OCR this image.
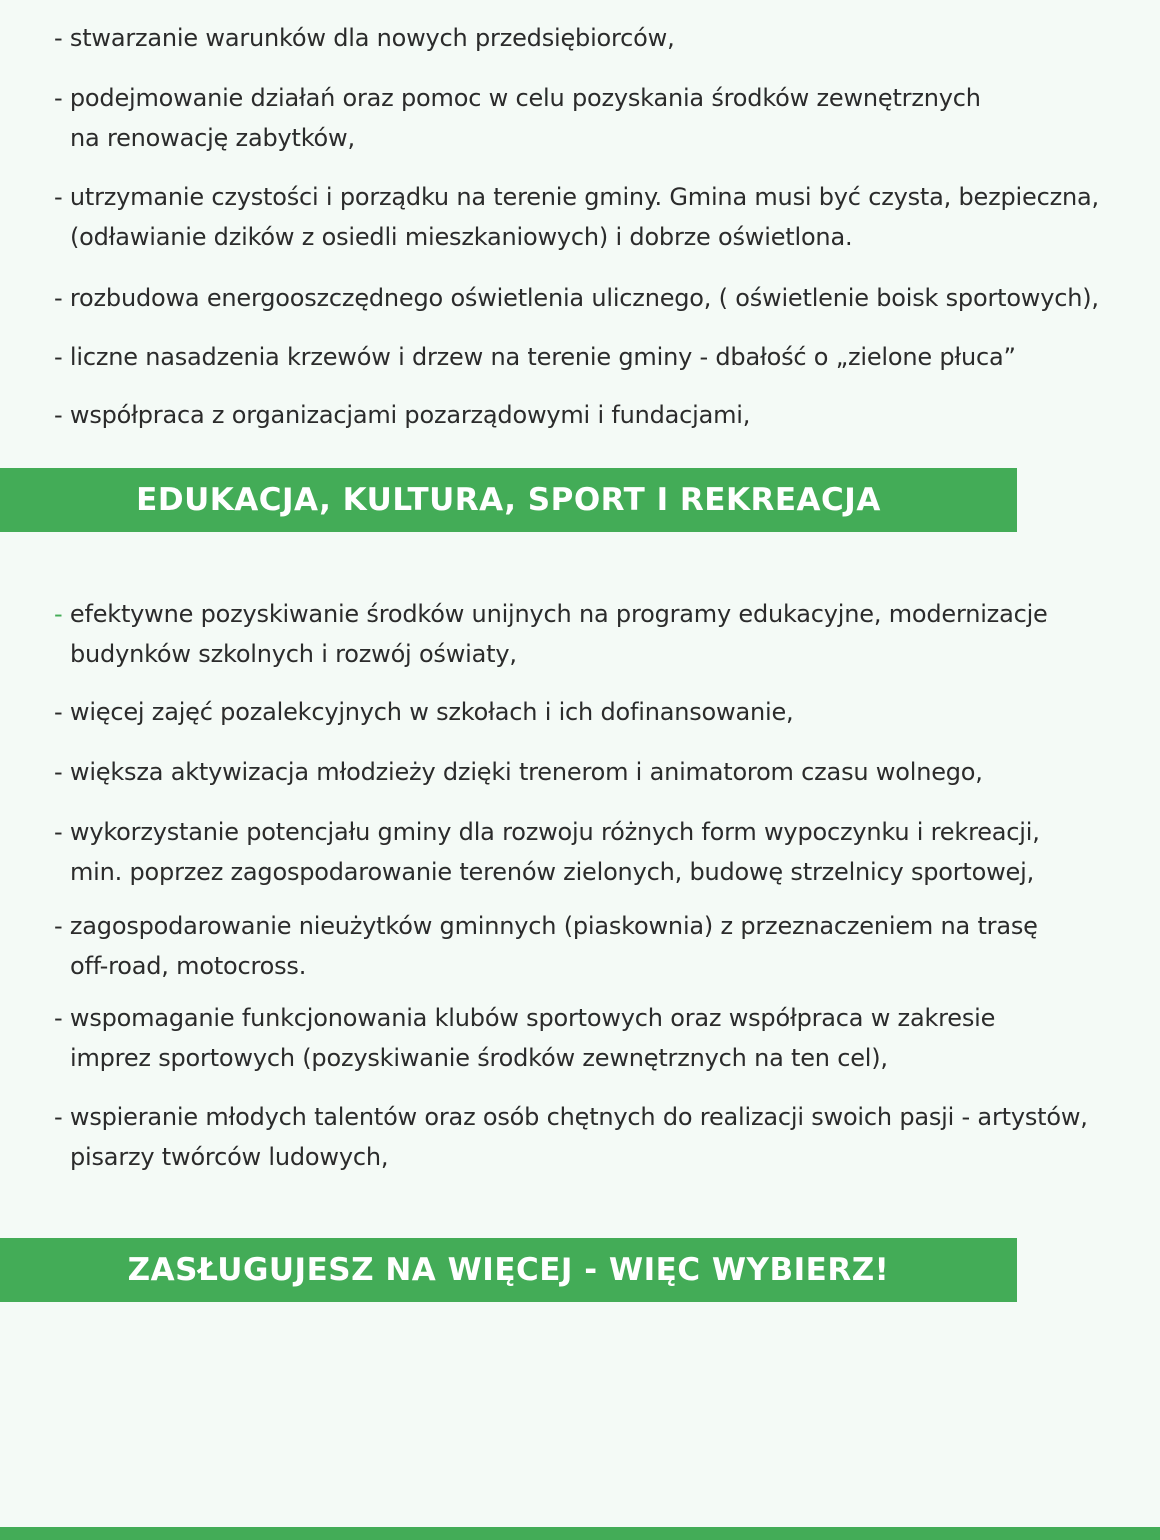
- stwarzanie warunków dla nowych przedsiębiorców,
- podejmowanie działań oraz pomoc w celu pozyskania środków zewnętrznych
na renowację zabytków,
- utrzymanie czystości i porządku na terenie gminy. Gmina musi być czysta, bezpieczna,
(odławianie dzików z osiedli mieszkaniowych) i dobrze oświetlona.
- rozbudowa energooszczędnego oświetlenia ulicznego, ( oświetlenie boisk sportowych),
- liczne nasadzenia krzewów i drzew na terenie gminy - dbałość o „zielone płuca”
- współpraca z organizacjami pozarządowymi i fundacjami,
EDUKACJA, KULTURA, SPORT I REKREACJA
- efektywne pozyskiwanie środków unijnych na programy edukacyjne, modernizacje
budynków szkolnych i rozwój oświaty,
- więcej zajęć pozalekcyjnych w szkołach i ich dofinansowanie,
- większa aktywizacja młodzieży dzięki trenerom i animatorom czasu wolnego,
- wykorzystanie potencjału gminy dla rozwoju różnych form wypoczynku i rekreacji,
min. poprzez zagospodarowanie terenów zielonych, budowę strzelnicy sportowej,
- zagospodarowanie nieużytków gminnych (piaskownia) z przeznaczeniem na trasę
off-road, motocross.
- wspomaganie funkcjonowania klubów sportowych oraz współpraca w zakresie
imprez sportowych (pozyskiwanie środków zewnętrznych na ten cel),
- wspieranie młodych talentów oraz osób chętnych do realizacji swoich pasji - artystów,
pisarzy twórców ludowych,
ZASŁUGUJESZ NA WIĘCEJ - WIĘC WYBIERZ!
